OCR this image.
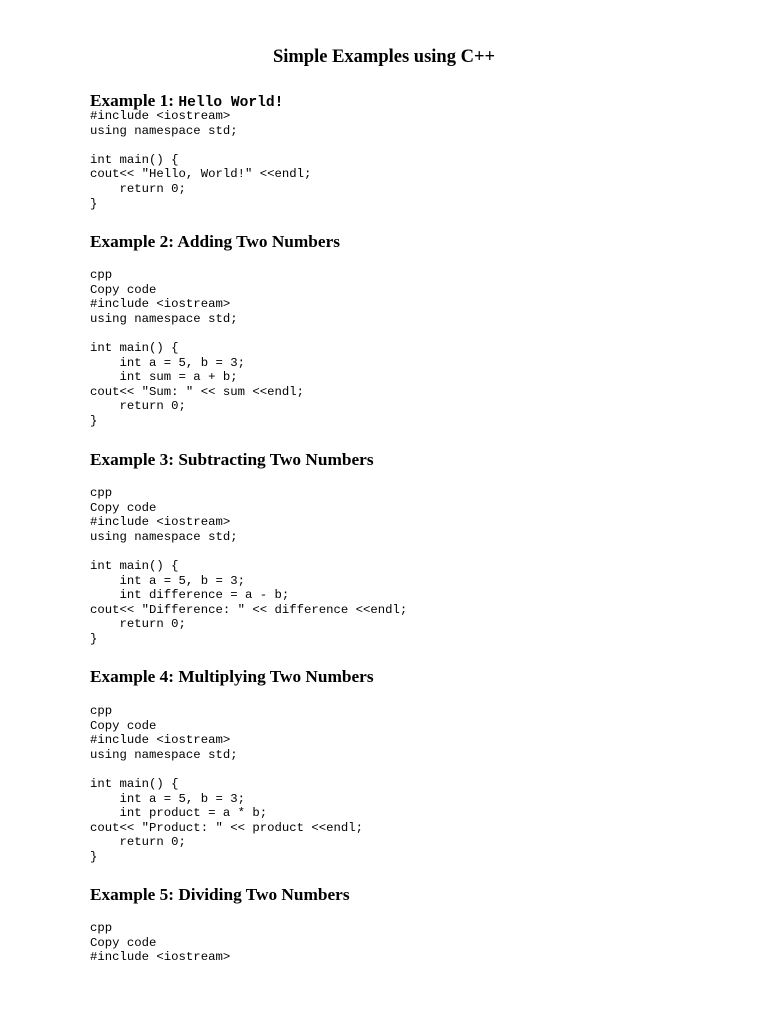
Simple Examples using C++
Example 1: Hello World!
#include <iostream>
using namespace std;

int main() {
cout<< "Hello, World!" <<endl;
return 0;
}
Example 2: Adding Two Numbers
cpp
Copy code
#include <iostream>
using namespace std;

int main() {
int a = 5, b = 3;
int sum = a + b;
cout<< "Sum: " << sum <<endl;
return 0;
}
Example 3: Subtracting Two Numbers
cpp
Copy code
#include <iostream>
using namespace std;

int main() {
int a = 5, b = 3;
int difference = a - b;
cout<< "Difference: " << difference <<endl;
return 0;
}
Example 4: Multiplying Two Numbers
cpp
Copy code
#include <iostream>
using namespace std;

int main() {
int a = 5, b = 3;
int product = a * b;
cout<< "Product: " << product <<endl;
return 0;
}
Example 5: Dividing Two Numbers
cpp
Copy code
#include <iostream>
